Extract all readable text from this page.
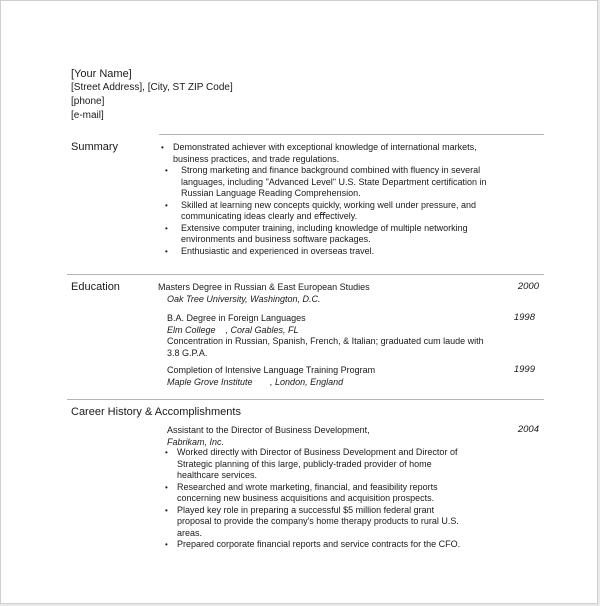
[Your Name]
[Street Address], [City, ST ZIP Code]
[phone]
[e-mail]
Summary	• Demonstrated achiever with exceptional knowledge of international markets, business practices, and trade regulations.
• Strong marketing and ﬁnance background combined with ﬂuency in several languages, including "Advanced Level" U.S. State Department certiﬁcation in Russian Language Reading Comprehension.
• Skilled at learning new concepts quickly, working well under pressure, and communicating ideas clearly and eﬀectively.
• Extensive computer training, including knowledge of multiple networking environments and business software packages.
• Enthusiastic and experienced in overseas travel.
Education	Masters Degree in Russian & East European Studies
Oak Tree University, Washington, D.C.
2000
B.A. Degree in Foreign Languages
Elm College    , Coral Gables, FL
Concentration in Russian, Spanish, French, & Italian; graduated cum laude with 3.8 G.P.A.
1998
Completion of Intensive Language Training Program
Maple Grove Institute       , London, England
1999
Career History & Accomplishments
Assistant to the Director of Business Development,
Fabrikam, Inc.
2004
• Worked directly with Director of Business Development and Director of Strategic planning of this large, publicly-traded provider of home healthcare services.
• Researched and wrote marketing, ﬁnancial, and feasibility reports concerning new business acquisitions and acquisition prospects.
• Played key role in preparing a successful $5 million federal grant proposal to provide the company's home therapy products to rural U.S. areas.
• Prepared corporate ﬁnancial reports and service contracts for the CFO.
